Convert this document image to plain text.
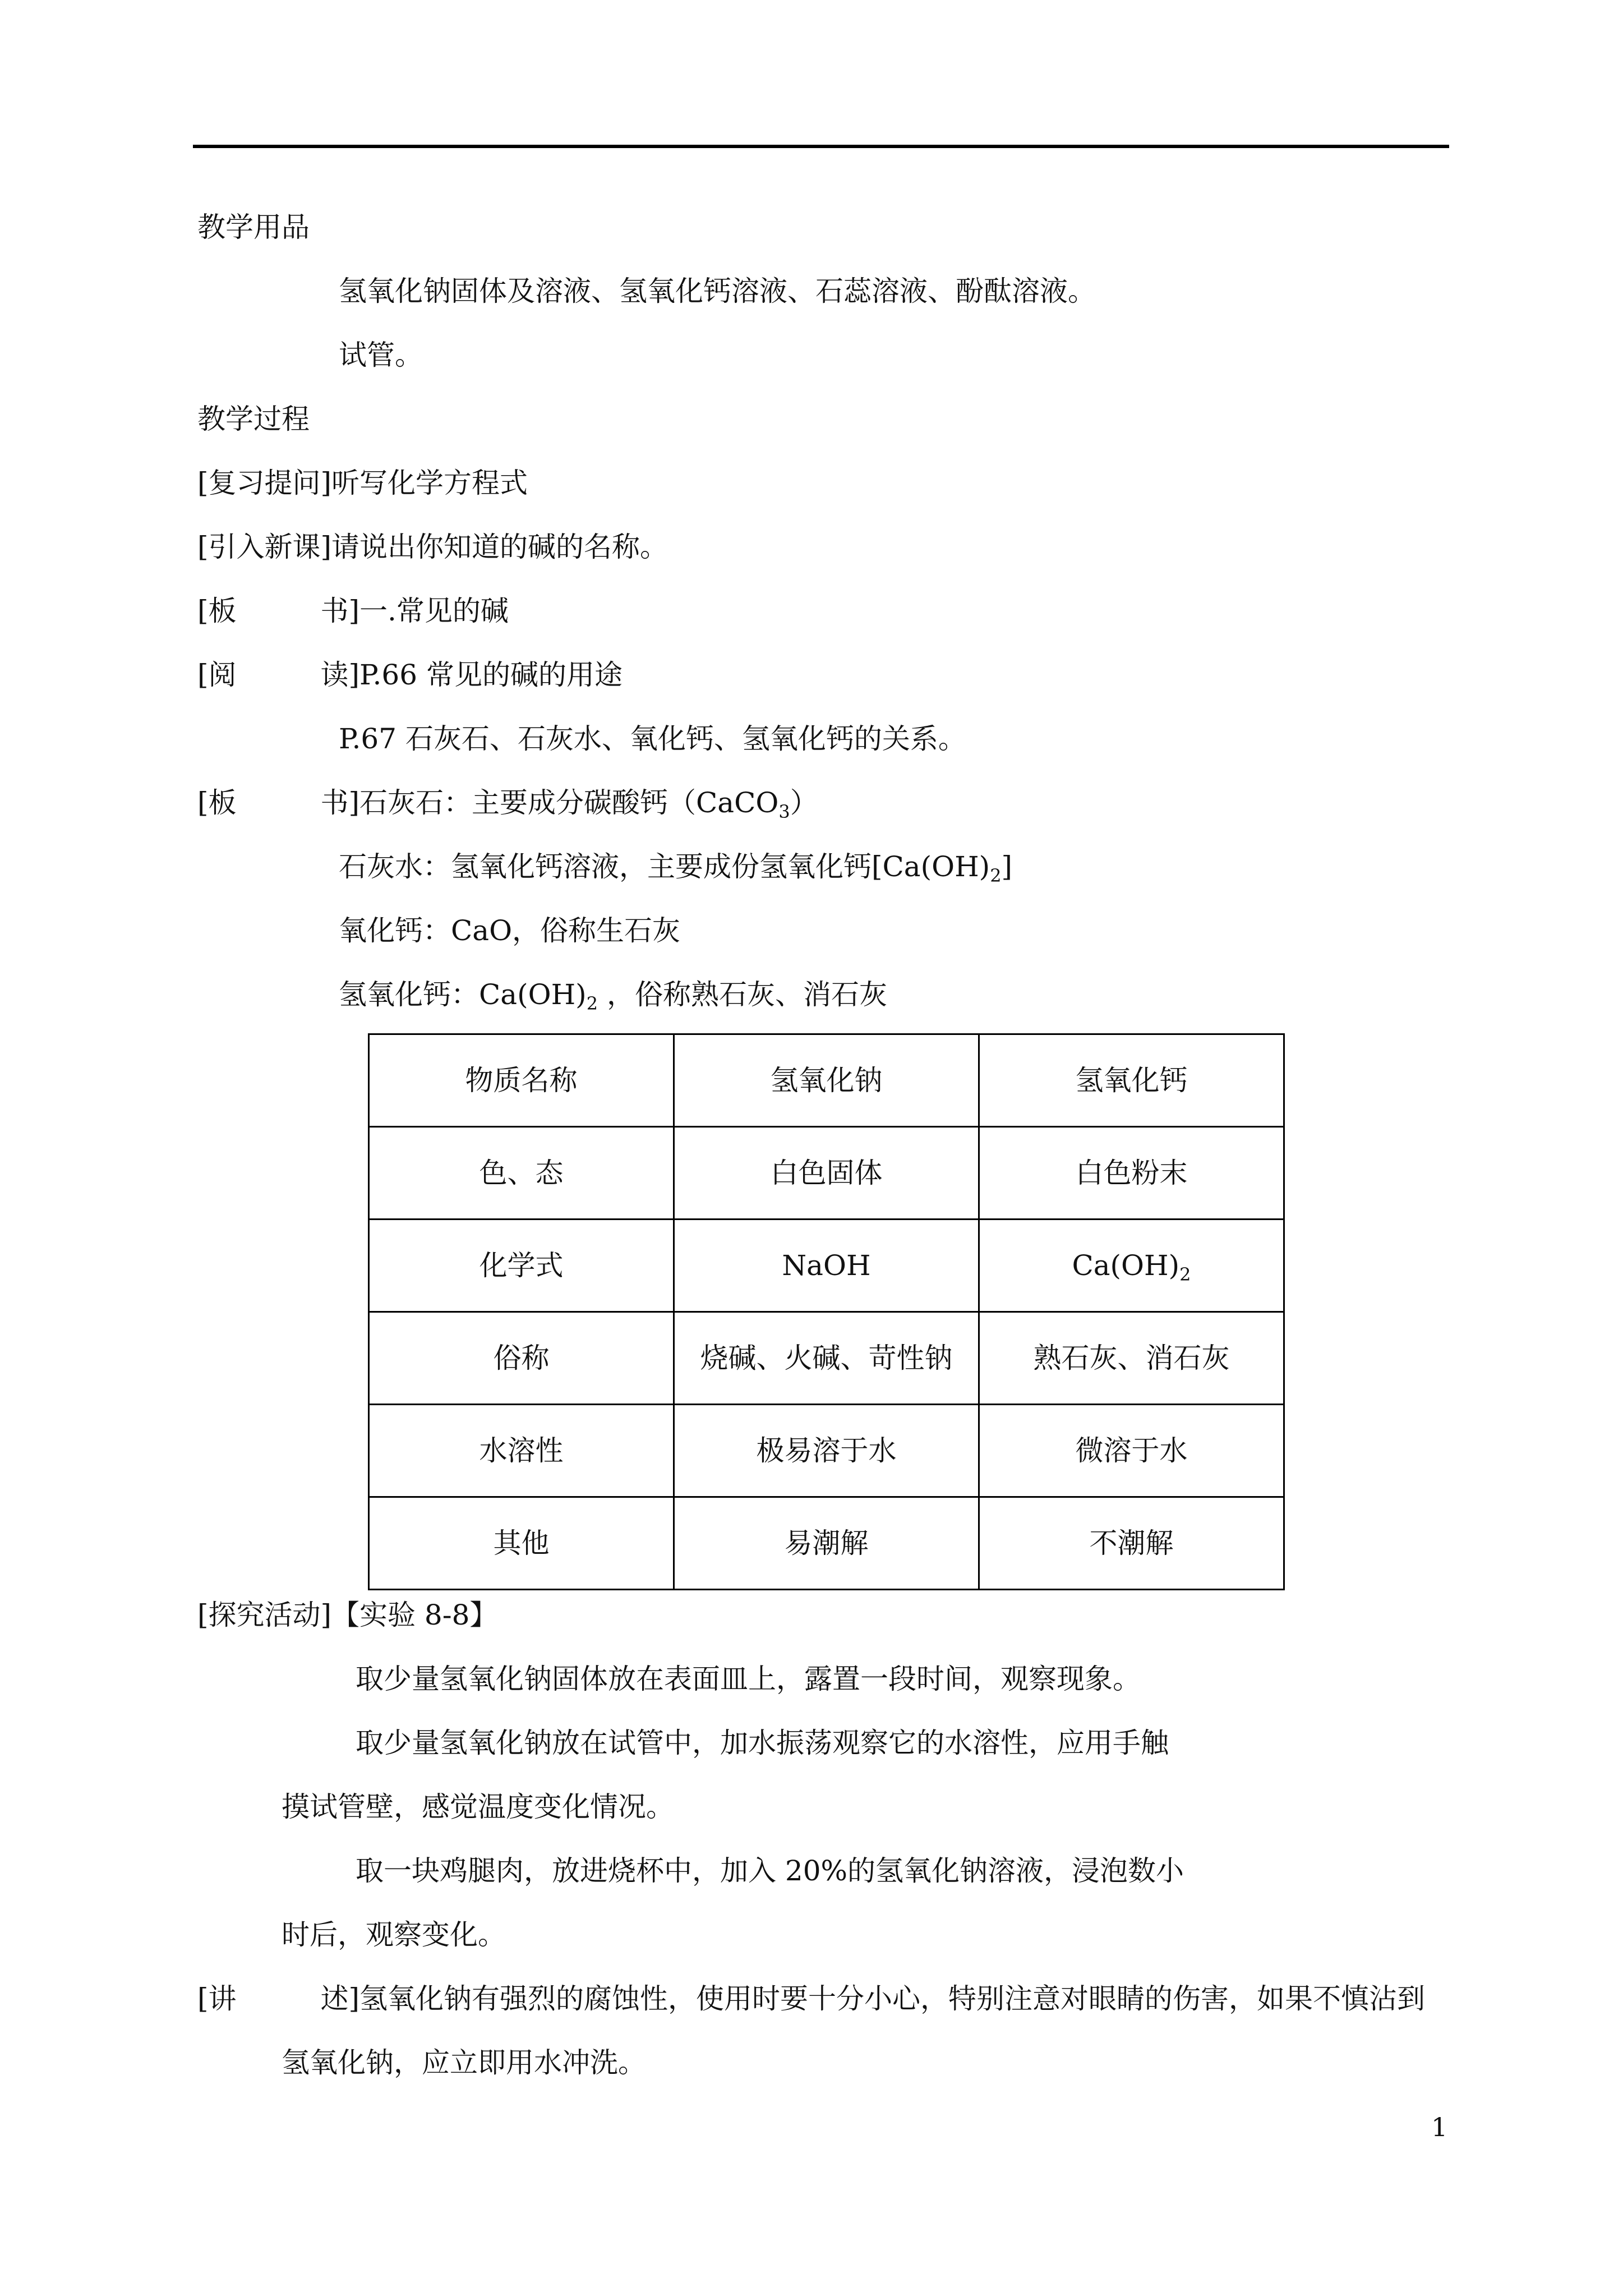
教学用品
氢氧化钠固体及溶液、氢氧化钙溶液、石蕊溶液、酚酞溶液。
试管。
教学过程
[复习提问]听写化学方程式
[引入新课]请说出你知道的碱的名称。
[板	书]一.常见的碱
[阅	读]P.66 常见的碱的用途
P.67 石灰石、石灰水、氧化钙、氢氧化钙的关系。
[板	书]石灰石：主要成分碳酸钙（CaCO$_3$）
石灰水：氢氧化钙溶液，主要成份氢氧化钙$[Ca(OH)_2]$
氧化钙：CaO，俗称生石灰
氢氧化钙：$Ca(OH)_2$ ，俗称熟石灰、消石灰
物质名称	氢氧化钠	氢氧化钙
色、态	白色固体	白色粉末
化学式	NaOH	$Ca(OH)_2$
俗称	烧碱、火碱、苛性钠	熟石灰、消石灰
水溶性	极易溶于水	微溶于水
其他	易潮解	不潮解
[探究活动]【实验 8-8】
取少量氢氧化钠固体放在表面皿上，露置一段时间，观察现象。
取少量氢氧化钠放在试管中，加水振荡观察它的水溶性，应用手触
摸试管壁，感觉温度变化情况。
取一块鸡腿肉，放进烧杯中，加入 20%的氢氧化钠溶液，浸泡数小
时后，观察变化。
[讲	述]氢氧化钠有强烈的腐蚀性，使用时要十分小心，特别注意对眼睛的伤害，如果不慎沾到
氢氧化钠，应立即用水冲洗。
1
